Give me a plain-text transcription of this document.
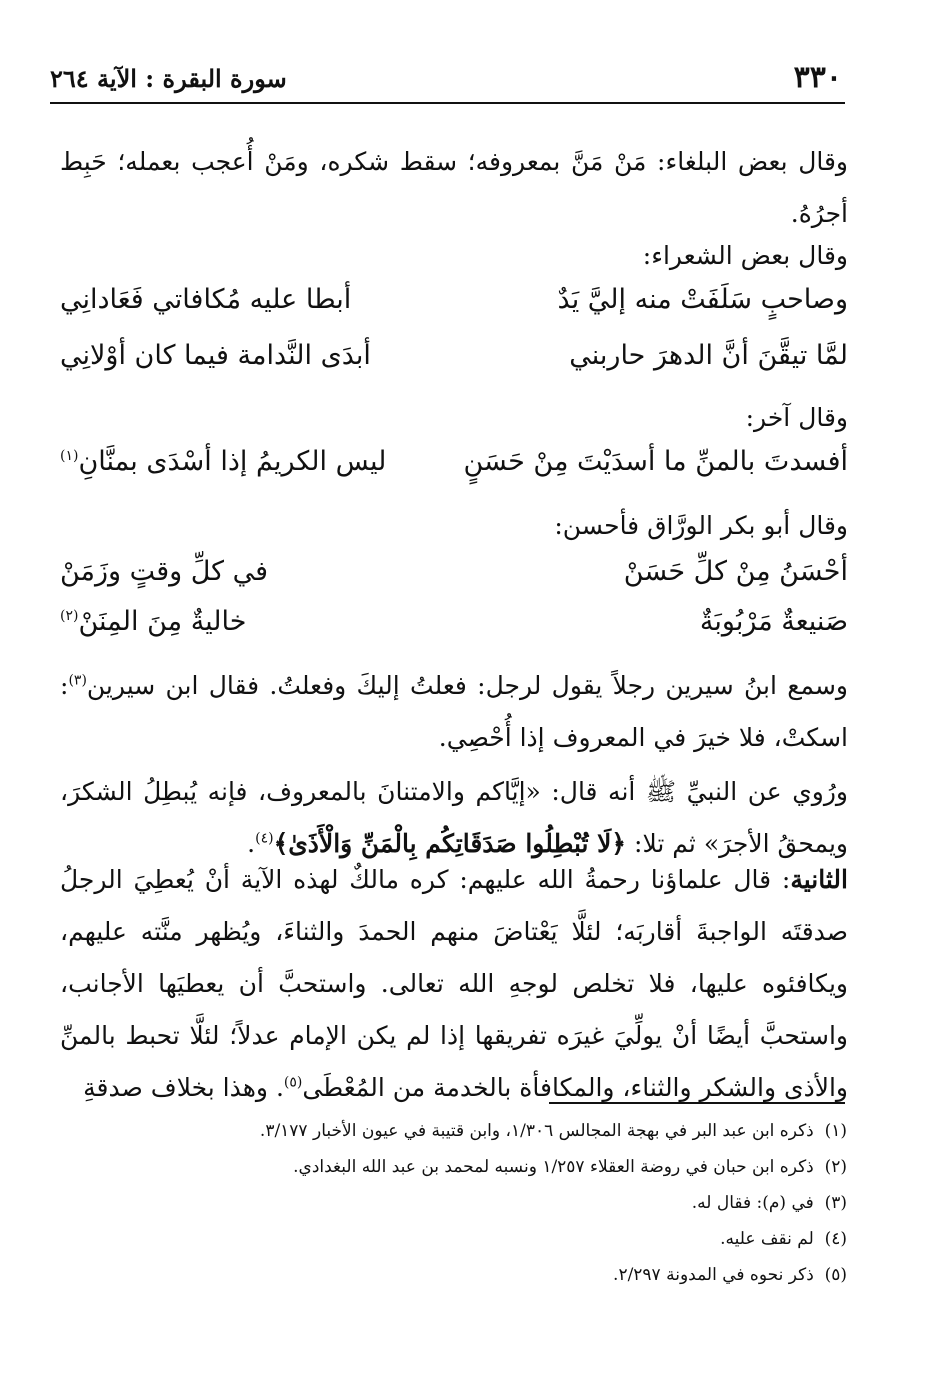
٣٣٠
سورة البقرة : الآية ٢٦٤
وقال بعض البلغاء: مَنْ مَنَّ بمعروفه؛ سقط شكره، ومَنْ أُعجب بعمله؛ حَبِط أجرُهُ.
وقال بعض الشعراء:
وصاحبٍ سَلَفَتْ منه إليَّ يَدٌ
أبطا عليه مُكافاتي فَعَادانِي
لمَّا تيقَّنَ أنَّ الدهرَ حاربني
أبدَى النَّدامة فيما كان أوْلانِي
وقال آخر:
أفسدتَ بالمنِّ ما أسدَيْتَ مِنْ حَسَنٍ
ليس الكريمُ إذا أسْدَى بمنَّانِ$^{(١)}$
وقال أبو بكر الورَّاق فأحسن:
أحْسَنُ مِنْ كلِّ حَسَنْ
في كلِّ وقتٍ وزَمَنْ
صَنيعةٌ مَرْبُوبَةٌ
خاليةٌ مِنَ المِنَنْ$^{(٢)}$
وسمع ابنُ سيرين رجلاً يقول لرجل: فعلتُ إليكَ وفعلتُ. فقال ابن سيرين$^{(٣)}$: اسكتْ، فلا خيرَ في المعروف إذا أُحْصِي.
ورُوي عن النبيِّ ﷺ أنه قال: «إيَّاكم والامتنانَ بالمعروف، فإنه يُبطِلُ الشكرَ، ويمحقُ الأجرَ» ثم تلا: ﴿لَا تُبْطِلُوا صَدَقَاتِكُم بِالْمَنِّ وَالْأَذَىٰ﴾$^{(٤)}$.
الثانية: قال علماؤنا رحمةُ الله عليهم: كره مالكٌ لهذه الآية أنْ يُعطِيَ الرجلُ صدقتَه الواجبةَ أقاربَه؛ لئلَّا يَعْتاضَ منهم الحمدَ والثناءَ، ويُظهر منَّته عليهم، ويكافئوه عليها، فلا تخلص لوجهِ الله تعالى. واستحبَّ أن يعطيَها الأجانب، واستحبَّ أيضًا أنْ يولِّيَ غيرَه تفريقها إذا لم يكن الإمام عدلاً؛ لئلَّا تحبط بالمنِّ والأذى والشكر والثناء، والمكافأة بالخدمة من المُعْطَى$^{(٥)}$. وهذا بخلاف صدقةِ
(١)  ذكره ابن عبد البر في بهجة المجالس ١/٣٠٦، وابن قتيبة في عيون الأخبار ٣/١٧٧.
(٢)  ذكره ابن حبان في روضة العقلاء ١/٢٥٧ ونسبه لمحمد بن عبد الله البغدادي.
(٣)  في (م): فقال له.
(٤)  لم نقف عليه.
(٥)  ذكر نحوه في المدونة ٢/٢٩٧.
